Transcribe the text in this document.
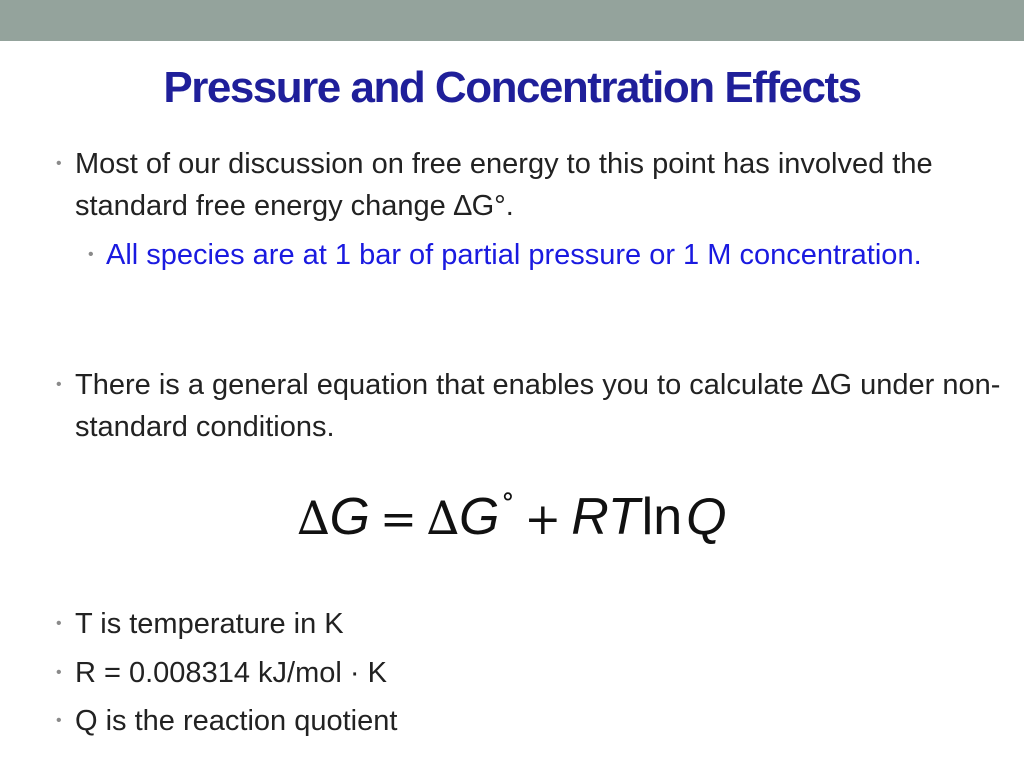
Pressure and Concentration Effects
• Most of our discussion on free energy to this point has involved the standard free energy change ∆G°.
• All species are at 1 bar of partial pressure or 1 M concentration.
• There is a general equation that enables you to calculate ∆G under non-standard conditions.
∆G = ∆G° + RTlnQ
• T is temperature in K
• R = 0.008314 kJ/mol · K
• Q is the reaction quotient
